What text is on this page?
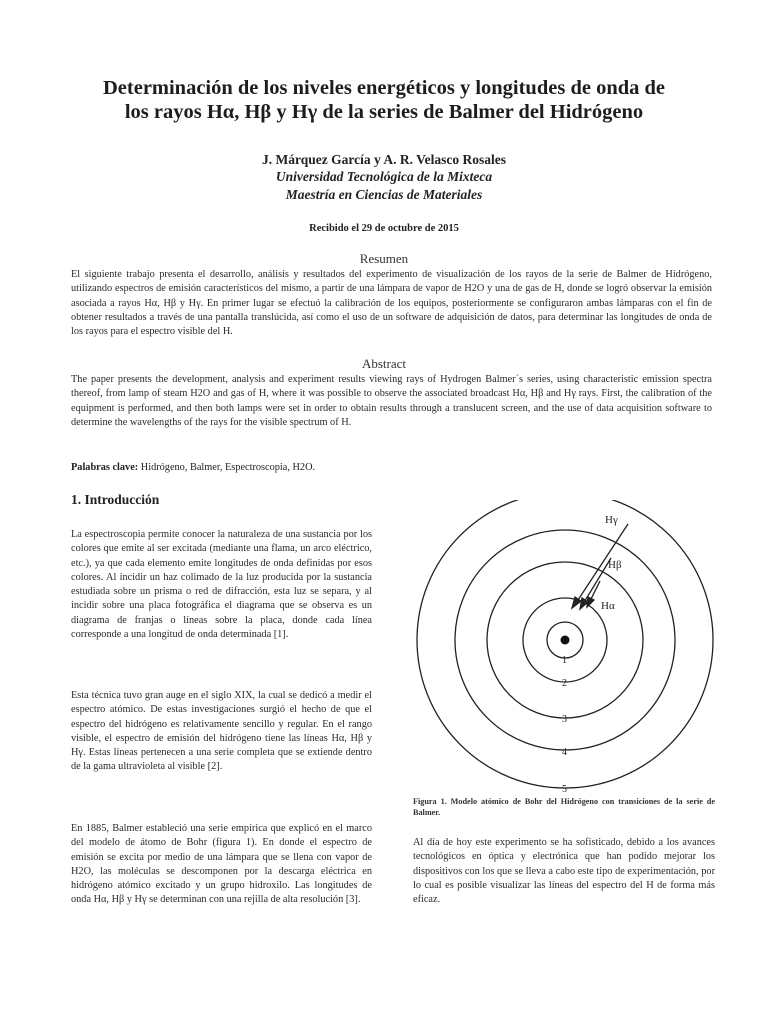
Determinación de los niveles energéticos y longitudes de onda de
los rayos Hα, Hβ y Hγ de la series de Balmer del Hidrógeno
J. Márquez García y A. R. Velasco Rosales
Universidad Tecnológica de la Mixteca
Maestría en Ciencias de Materiales
Recibido el 29 de octubre de 2015
Resumen
El siguiente trabajo presenta el desarrollo, análisis y resultados del experimento de visualización de los rayos de la serie de Balmer de Hidrógeno, utilizando espectros de emisión característicos del mismo, a partir de una lámpara de vapor de H2O y una de gas de H, donde se logró observar la emisión asociada a rayos Hα, Hβ y Hγ. En primer lugar se efectuó la calibración de los equipos, posteriormente se configuraron ambas lámparas con el fin de obtener resultados a través de una pantalla translúcida, así como el uso de un software de adquisición de datos, para determinar las longitudes de onda de los rayos para el espectro visible del H.
Abstract
The paper presents the development, analysis and experiment results viewing rays of Hydrogen Balmer´s series, using characteristic emission spectra thereof, from lamp of steam H2O and gas of H, where it was possible to observe the associated broadcast Hα, Hβ and Hγ rays. First, the calibration of the equipment is performed, and then both lamps were set in order to obtain results through a translucent screen, and the use of data acquisition software to determine the wavelengths of the rays for the visible spectrum of H.
Palabras clave: Hidrógeno, Balmer, Espectroscopia, H2O.
1. Introducción
La espectroscopia permite conocer la naturaleza de una sustancia por los colores que emite al ser excitada (mediante una flama, un arco eléctrico, etc.), ya que cada elemento emite longitudes de onda definidas por esos colores. Al incidir un haz colimado de la luz producida por la sustancia estudiada sobre un prisma o red de difracción, esta luz se separa, y al incidir sobre una placa fotográfica el diagrama que se observa es un diagrama de franjas o líneas sobre la placa, donde cada línea corresponde a una longitud de onda determinada [1].
Esta técnica tuvo gran auge en el siglo XIX, la cual se dedicó a medir el espectro atómico. De estas investigaciones surgió el hecho de que el espectro del hidrógeno es relativamente sencillo y regular. En el rango visible, el espectro de emisión del hidrógeno tiene las líneas Hα, Hβ y Hγ. Estas líneas pertenecen a una serie completa que se extiende dentro de la gama ultravioleta al visible [2].
En 1885, Balmer estableció una serie empírica que explicó en el marco del modelo de átomo de Bohr (figura 1). En donde el espectro de emisión se excita por medio de una lámpara que se llena con vapor de H2O, las moléculas se descomponen por la descarga eléctrica en hidrógeno atómico excitado y un grupo hidroxilo. Las longitudes de onda Hα, Hβ y Hγ se determinan con una rejilla de alta resolución [3].
Hγ
Hβ
Hα
1
2
3
4
5
Figura 1. Modelo atómico de Bohr del Hidrógeno con transiciones de la serie de Balmer.
Al día de hoy este experimento se ha sofisticado, debido a los avances tecnológicos en óptica y electrónica que han podido mejorar los dispositivos con los que se lleva a cabo este tipo de experimentación, por lo cual es posible visualizar las líneas del espectro del H de forma más eficaz.
